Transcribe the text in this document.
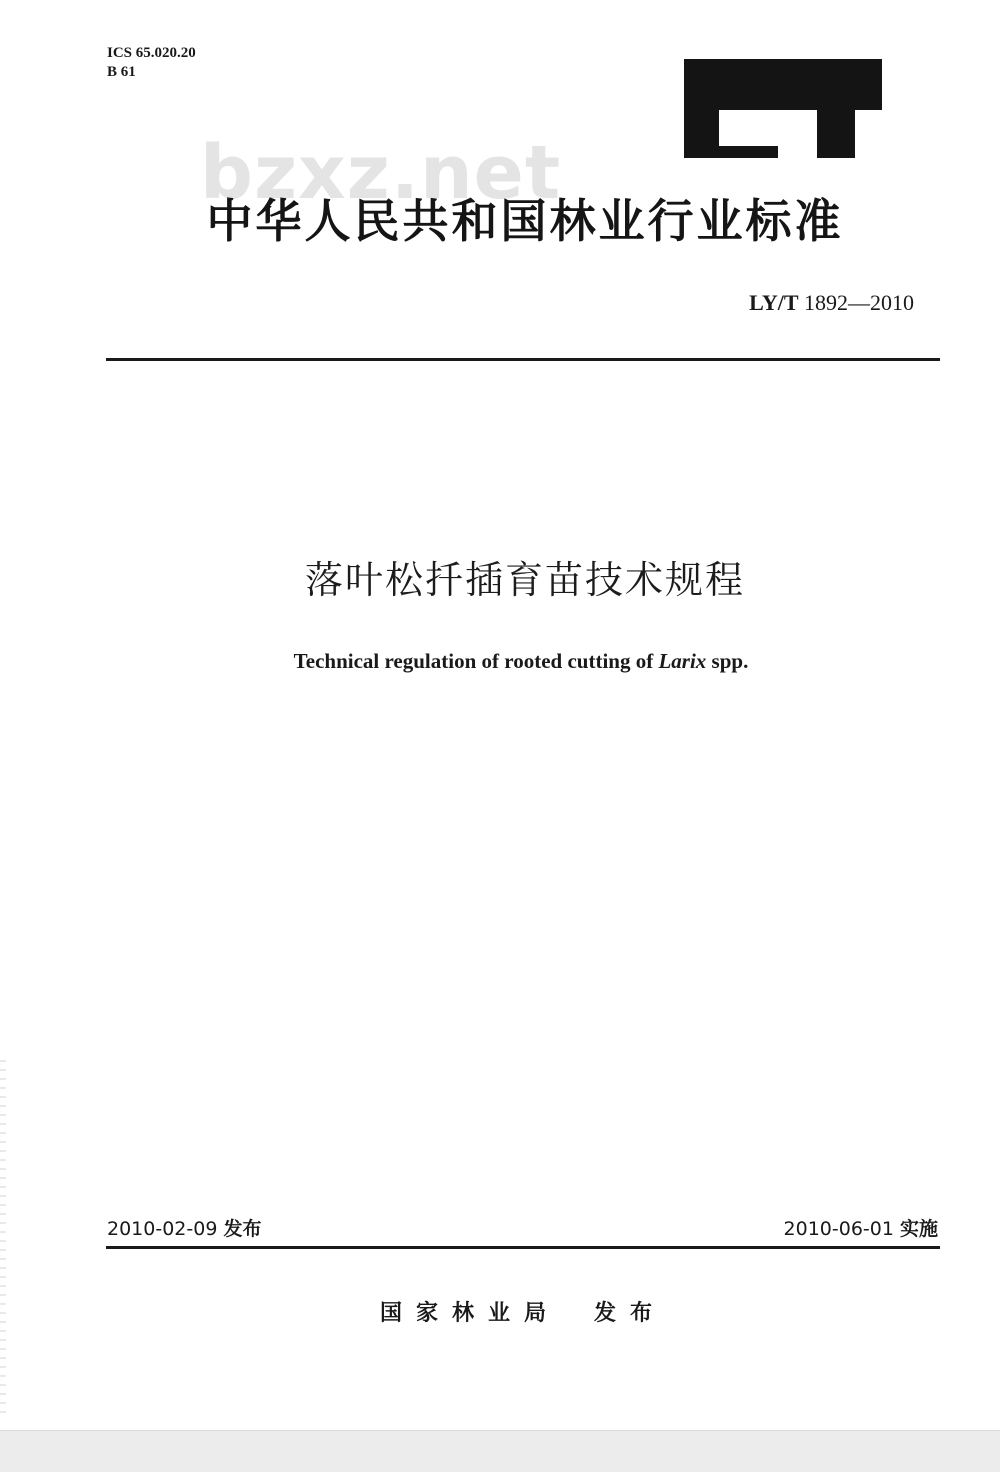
ICS 65.020.20
B 61
bzxz.net
中华人民共和国林业行业标准
LY/T 1892—2010
落叶松扦插育苗技术规程
Technical regulation of rooted cutting of Larix spp.
2010-02-09 发布	2010-06-01 实施
国家林业局 发布
